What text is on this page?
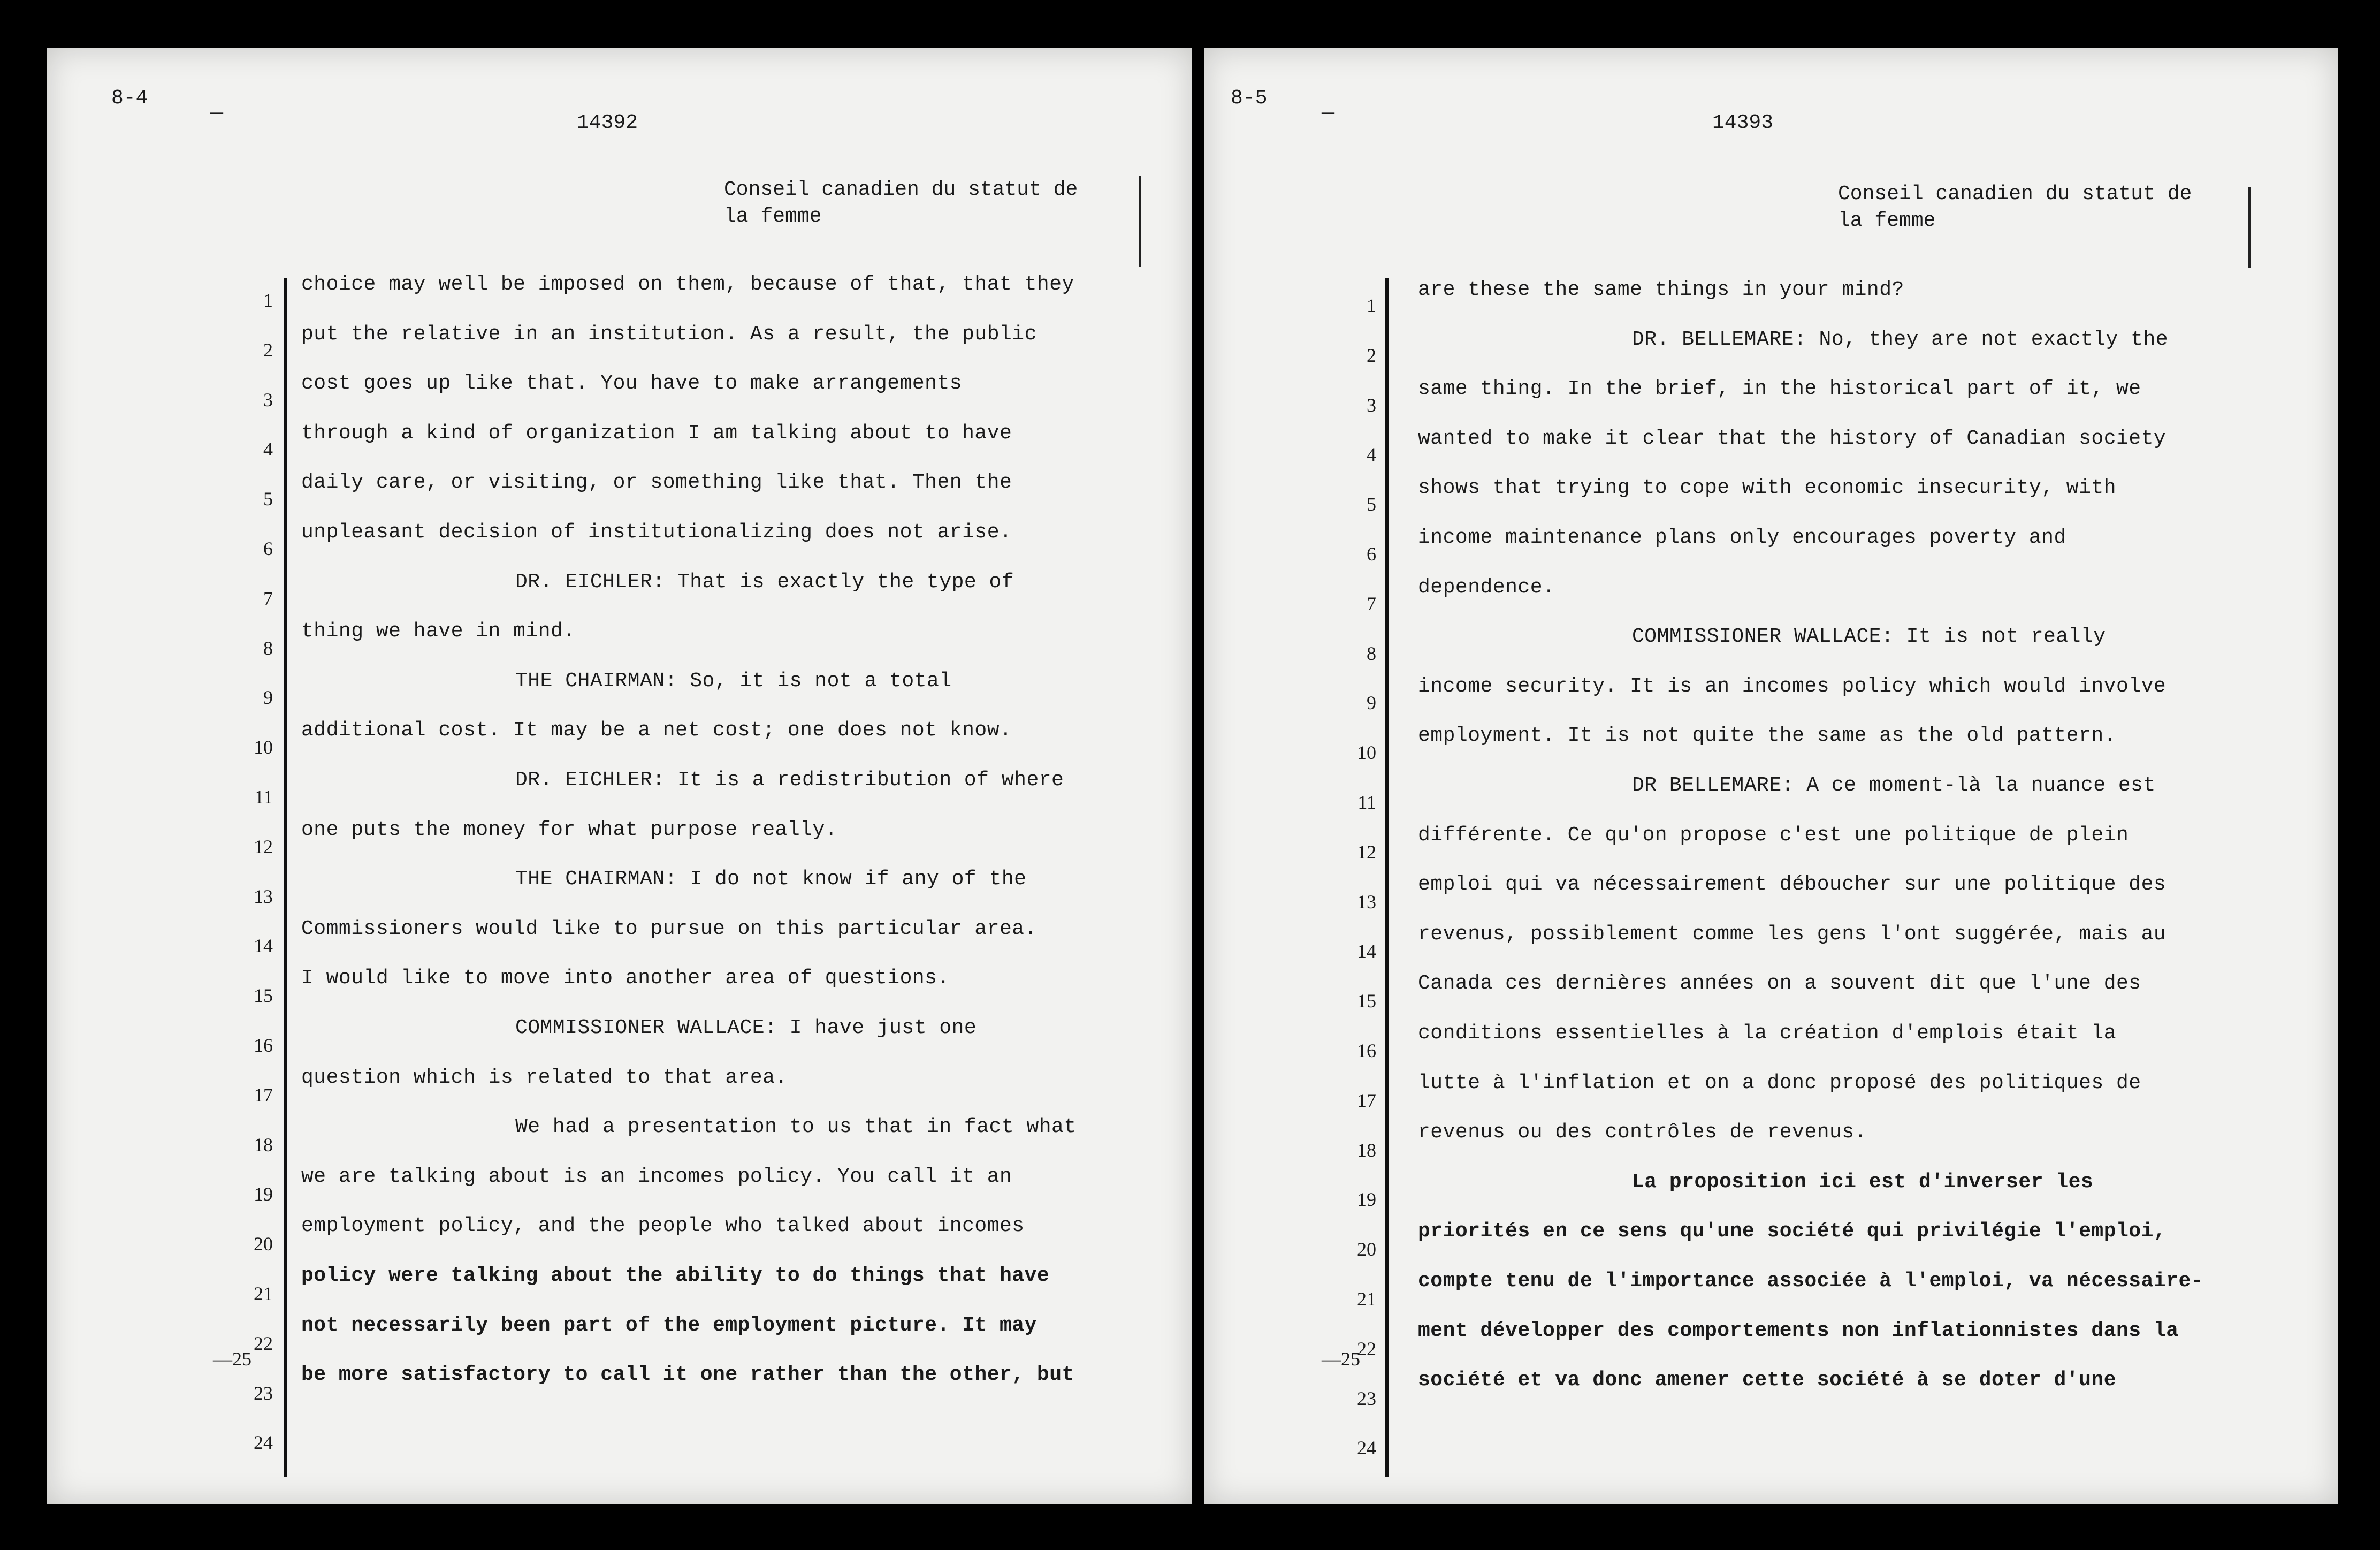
8-4
—	14392
Conseil canadien du statut de
la femme
1
2
3
4
5
6
7
8
9
10
11
12
13
14
15
16
17
18
19
20
21
22
23
24
choice may well be imposed on them, because of that, that they
put the relative in an institution. As a result, the public
cost goes up like that. You have to make arrangements
through a kind of organization I am talking about to have
daily care, or visiting, or something like that. Then the
unpleasant decision of institutionalizing does not arise.
DR. EICHLER: That is exactly the type of
thing we have in mind.
THE CHAIRMAN: So, it is not a total
additional cost. It may be a net cost; one does not know.
DR. EICHLER: It is a redistribution of where
one puts the money for what purpose really.
THE CHAIRMAN: I do not know if any of the
Commissioners would like to pursue on this particular area.
I would like to move into another area of questions.
COMMISSIONER WALLACE: I have just one
question which is related to that area.
We had a presentation to us that in fact what
we are talking about is an incomes policy. You call it an
employment policy, and the people who talked about incomes
policy were talking about the ability to do things that have
not necessarily been part of the employment picture. It may
be more satisfactory to call it one rather than the other, but
—25
8-5
—	14393
Conseil canadien du statut de
la femme
1
2
3
4
5
6
7
8
9
10
11
12
13
14
15
16
17
18
19
20
21
22
23
24
are these the same things in your mind?
DR. BELLEMARE: No, they are not exactly the
same thing. In the brief, in the historical part of it, we
wanted to make it clear that the history of Canadian society
shows that trying to cope with economic insecurity, with
income maintenance plans only encourages poverty and
dependence.
COMMISSIONER WALLACE: It is not really
income security. It is an incomes policy which would involve
employment. It is not quite the same as the old pattern.
DR BELLEMARE: A ce moment-là la nuance est
différente. Ce qu'on propose c'est une politique de plein
emploi qui va nécessairement déboucher sur une politique des
revenus, possiblement comme les gens l'ont suggérée, mais au
Canada ces dernières années on a souvent dit que l'une des
conditions essentielles à la création d'emplois était la
lutte à l'inflation et on a donc proposé des politiques de
revenus ou des contrôles de revenus.
La proposition ici est d'inverser les
priorités en ce sens qu'une société qui privilégie l'emploi,
compte tenu de l'importance associée à l'emploi, va nécessaire-
ment développer des comportements non inflationnistes dans la
société et va donc amener cette société à se doter d'une
—25
